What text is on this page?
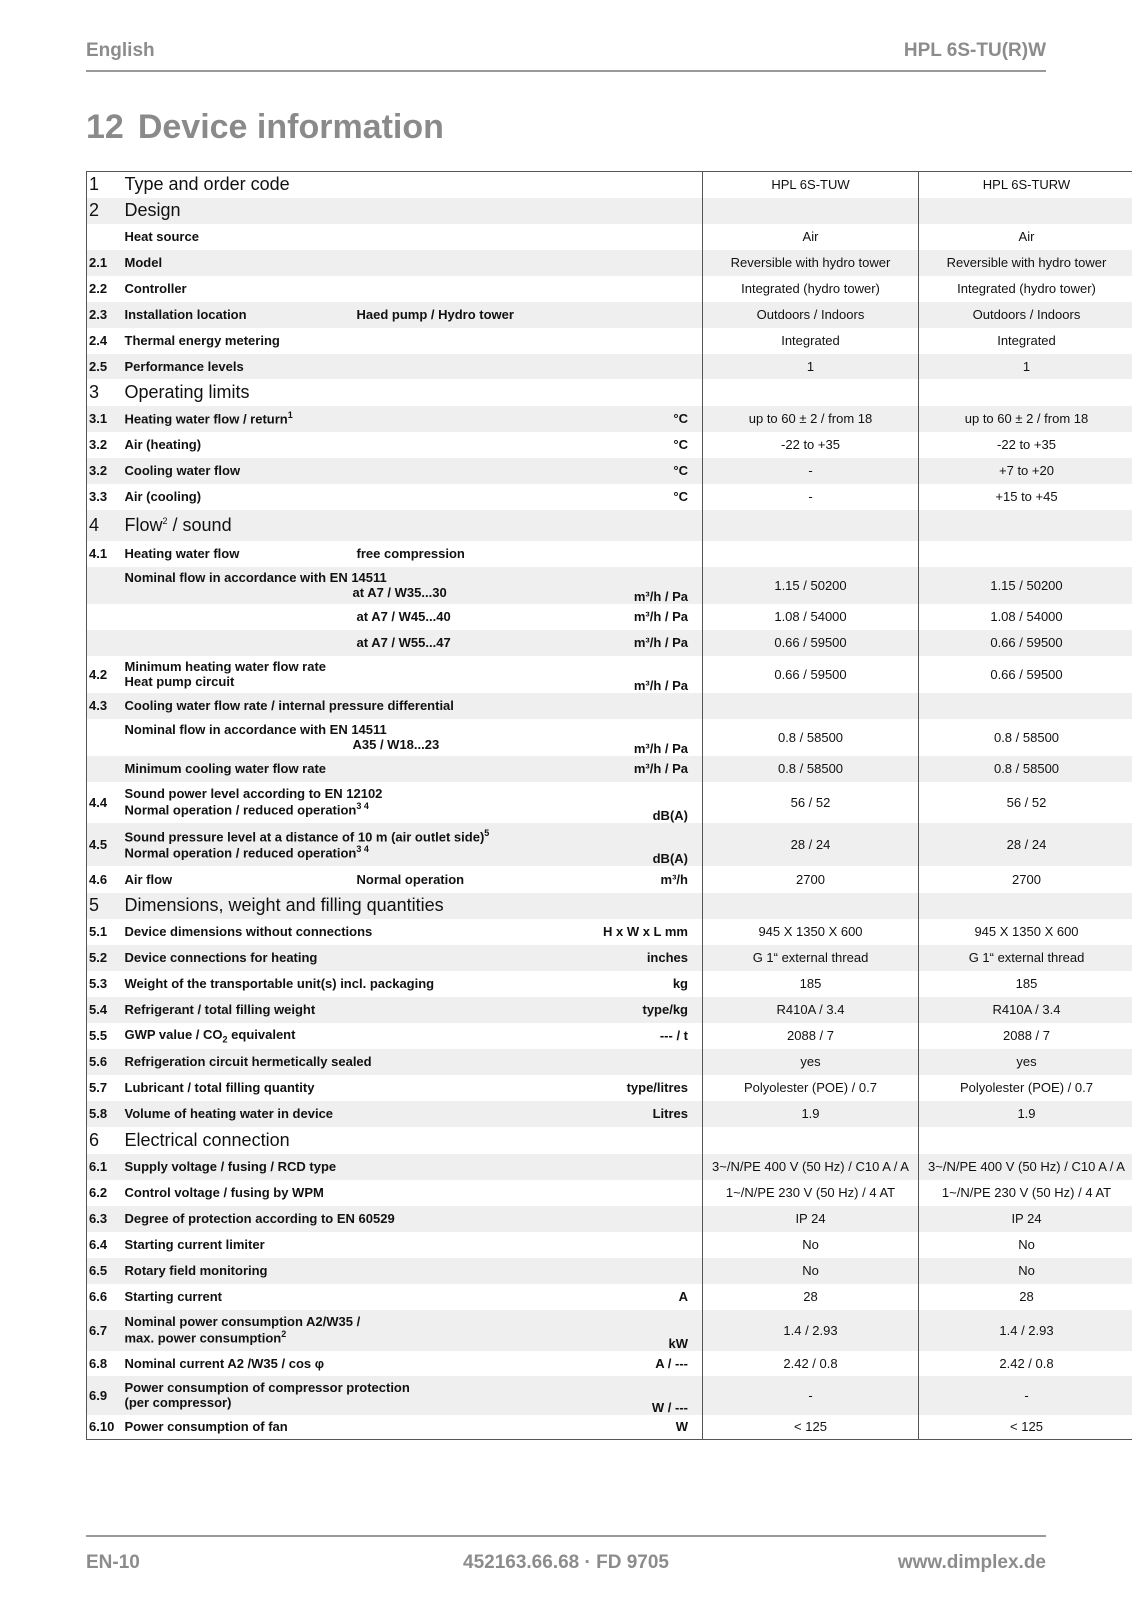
English	HPL 6S-TU(R)W
12 Device information
1	Type and order code			HPL 6S-TUW	HPL 6S-TURW
2	Design				
	Heat source			Air	Air
2.1	Model			Reversible with hydro tower	Reversible with hydro tower
2.2	Controller			Integrated (hydro tower)	Integrated (hydro tower)
2.3	Installation location	Haed pump / Hydro tower		Outdoors / Indoors	Outdoors / Indoors
2.4	Thermal energy metering			Integrated	Integrated
2.5	Performance levels			1	1
3	Operating limits				
3.1	Heating water flow / return$^1$		°C	up to 60 ± 2 / from 18	up to 60 ± 2 / from 18
3.2	Air (heating)		°C	-22 to +35	-22 to +35
3.2	Cooling water flow		°C	-	+7 to +20
3.3	Air (cooling)		°C	-	+15 to +45
4	Flow$^2$ / sound				
4.1	Heating water flow	free compression			

	Nominal flow in accordance with EN 14511
at A7 / W35...30		m³/h / Pa	1.15 / 50200	1.15 / 50200
		at A7 / W45...40	m³/h / Pa	1.08 / 54000	1.08 / 54000
		at A7 / W55...47	m³/h / Pa	0.66 / 59500	0.66 / 59500
4.2	Minimum heating water flow rate
Heat pump circuit		m³/h / Pa	0.66 / 59500	0.66 / 59500
4.3	Cooling water flow rate / internal pressure differential				

	Nominal flow in accordance with EN 14511
A35 / W18...23		m³/h / Pa	0.8 / 58500	0.8 / 58500
	Minimum cooling water flow rate		m³/h / Pa	0.8 / 58500	0.8 / 58500
4.4	Sound power level according to EN 12102
Normal operation / reduced operation$^{3 4}$		dB(A)	56 / 52	56 / 52
4.5	Sound pressure level at a distance of 10 m (air outlet side)$^5$
Normal operation / reduced operation$^{3 4}$		dB(A)	28 / 24	28 / 24
4.6	Air flow	Normal operation	m³/h	2700	2700
5	Dimensions, weight and filling quantities				
5.1	Device dimensions without connections		H x W x L mm	945 X 1350 X 600	945 X 1350 X 600
5.2	Device connections for heating		inches	G 1“ external thread	G 1“ external thread
5.3	Weight of the transportable unit(s) incl. packaging		kg	185	185
5.4	Refrigerant / total filling weight		type/kg	R410A / 3.4	R410A / 3.4
5.5	GWP value / $CO_2$ equivalent		--- / t	2088 / 7	2088 / 7
5.6	Refrigeration circuit hermetically sealed			yes	yes
5.7	Lubricant / total filling quantity		type/litres	Polyolester (POE) / 0.7	Polyolester (POE) / 0.7
5.8	Volume of heating water in device		Litres	1.9	1.9
6	Electrical connection				
6.1	Supply voltage / fusing / RCD type			3~/N/PE 400 V (50 Hz) / C10 A / A	3~/N/PE 400 V (50 Hz) / C10 A / A
6.2	Control voltage / fusing by WPM			1~/N/PE 230 V (50 Hz) / 4 AT	1~/N/PE 230 V (50 Hz) / 4 AT
6.3	Degree of protection according to EN 60529			IP 24	IP 24
6.4	Starting current limiter			No	No
6.5	Rotary field monitoring			No	No
6.6	Starting current		A	28	28
6.7	Nominal power consumption A2/W35 /
max. power consumption$^2$		kW	1.4 / 2.93	1.4 / 2.93
6.8	Nominal current A2 /W35 / cos φ		A / ---	2.42 / 0.8	2.42 / 0.8
6.9	Power consumption of compressor protection
(per compressor)		W / ---	-	-
6.10	Power consumption of fan		W	< 125	< 125
EN-10	452163.66.68 · FD 9705	www.dimplex.de
